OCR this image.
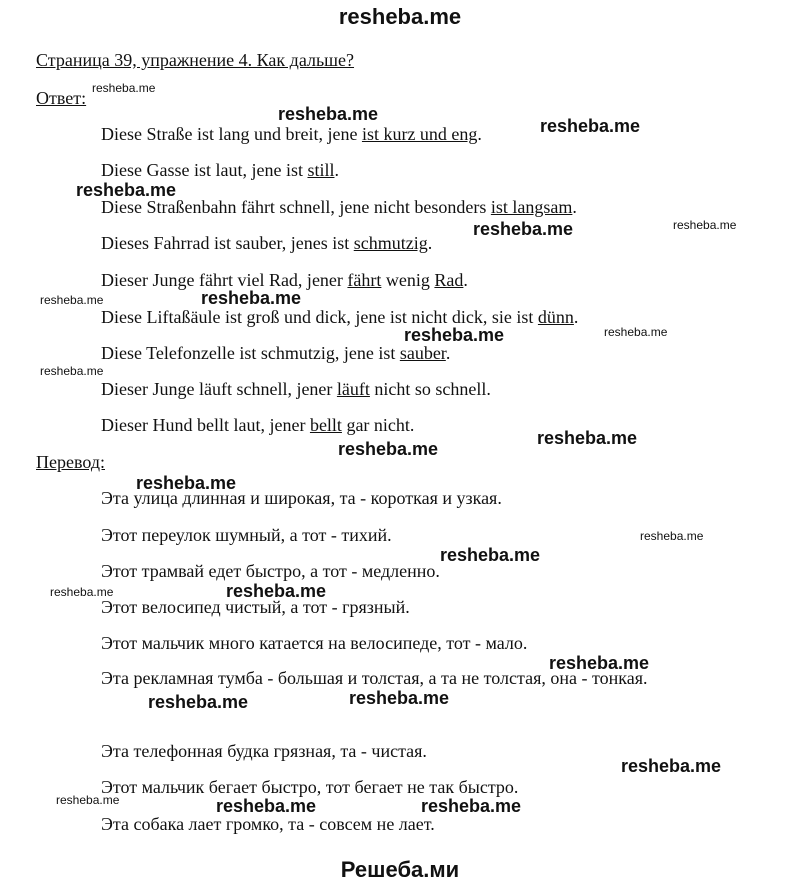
resheba.me
Страница 39, упражнение 4. Как дальше?
Ответ:
Diese Straße ist lang und breit, jene ist kurz und eng.
Diese Gasse ist laut, jene ist still.
Diese Straßenbahn fährt schnell, jene nicht besonders ist langsam.
Dieses Fahrrad ist sauber, jenes ist schmutzig.
Dieser Junge fährt viel Rad, jener fährt wenig Rad.
Diese Liftaßäule ist groß und dick, jene ist nicht dick, sie ist dünn.
Diese Telefonzelle ist schmutzig, jene ist sauber.
Dieser Junge läuft schnell, jener läuft nicht so schnell.
Dieser Hund bellt laut, jener bellt gar nicht.
Перевод:
Эта улица длинная и широкая, та - короткая и узкая.
Этот переулок шумный, а тот - тихий.
Этот трамвай едет быстро, а тот - медленно.
Этот велосипед чистый, а тот - грязный.
Этот мальчик много катается на велосипеде, тот - мало.
Эта рекламная тумба - большая и толстая, а та не толстая, она - тонкая.
Эта телефонная будка грязная, та - чистая.
Этот мальчик бегает быстро, тот бегает не так быстро.
Эта собака лает громко, та - совсем не лает.
Решеба.ми
resheba.me
resheba.me
resheba.me
resheba.me
resheba.me	resheba.me
resheba.me
resheba.me
resheba.me	resheba.me
resheba.me
resheba.me
resheba.me
resheba.me
resheba.me
resheba.me
resheba.me	resheba.me
resheba.me
resheba.me
resheba.me
resheba.me
resheba.me	resheba.me	resheba.me
